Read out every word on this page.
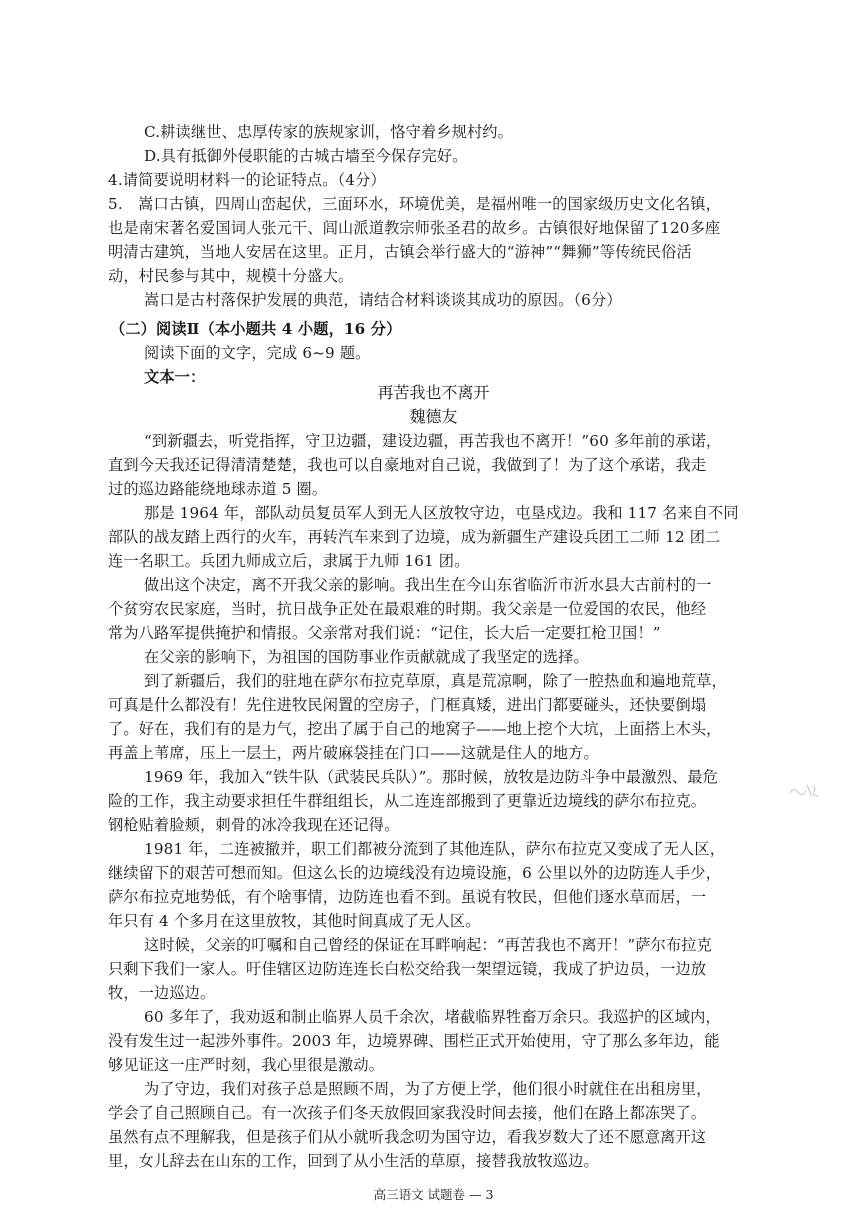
C.耕读继世、忠厚传家的族规家训，恪守着乡规村约。
D.具有抵御外侵职能的古城古墙至今保存完好。
4.请简要说明材料一的论证特点。（4分）
5.　嵩口古镇，四周山峦起伏，三面环水，环境优美，是福州唯一的国家级历史文化名镇，
也是南宋著名爱国词人张元干、闾山派道教宗师张圣君的故乡。古镇很好地保留了120多座
明清古建筑，当地人安居在这里。正月，古镇会举行盛大的“游神”“舞狮”等传统民俗活
动，村民参与其中，规模十分盛大。
嵩口是古村落保护发展的典范，请结合材料谈谈其成功的原因。（6分）
（二）阅读Ⅱ（本小题共 4 小题，16 分）
阅读下面的文字，完成 6~9 题。
文本一：
再苦我也不离开
魏德友
“到新疆去，听党指挥，守卫边疆，建设边疆，再苦我也不离开！”60 多年前的承诺，
直到今天我还记得清清楚楚，我也可以自豪地对自己说，我做到了！为了这个承诺，我走
过的巡边路能绕地球赤道 5 圈。
那是 1964 年，部队动员复员军人到无人区放牧守边，屯垦戍边。我和 117 名来自不同
部队的战友踏上西行的火车，再转汽车来到了边境，成为新疆生产建设兵团工二师 12 团二
连一名职工。兵团九师成立后，隶属于九师 161 团。
做出这个决定，离不开我父亲的影响。我出生在今山东省临沂市沂水县大古前村的一
个贫穷农民家庭，当时，抗日战争正处在最艰难的时期。我父亲是一位爱国的农民，他经
常为八路军提供掩护和情报。父亲常对我们说：“记住，长大后一定要扛枪卫国！”
在父亲的影响下，为祖国的国防事业作贡献就成了我坚定的选择。
到了新疆后，我们的驻地在萨尔布拉克草原，真是荒凉啊，除了一腔热血和遍地荒草，
可真是什么都没有！先住进牧民闲置的空房子，门框真矮，进出门都要碰头，还快要倒塌
了。好在，我们有的是力气，挖出了属于自己的地窝子——地上挖个大坑，上面搭上木头，
再盖上苇席，压上一层土，两片破麻袋挂在门口——这就是住人的地方。
1969 年，我加入“铁牛队（武装民兵队）”。那时候，放牧是边防斗争中最激烈、最危
险的工作，我主动要求担任牛群组组长，从二连连部搬到了更靠近边境线的萨尔布拉克。
钢枪贴着脸颊，刺骨的冰冷我现在还记得。
1981 年，二连被撤并，职工们都被分流到了其他连队，萨尔布拉克又变成了无人区，
继续留下的艰苦可想而知。但这么长的边境线没有边境设施，6 公里以外的边防连人手少，
萨尔布拉克地势低，有个啥事情，边防连也看不到。虽说有牧民，但他们逐水草而居，一
年只有 4 个多月在这里放牧，其他时间真成了无人区。
这时候，父亲的叮嘱和自己曾经的保证在耳畔响起：“再苦我也不离开！”萨尔布拉克
只剩下我们一家人。吁佳辖区边防连连长白松交给我一架望远镜，我成了护边员，一边放
牧，一边巡边。
60 多年了，我劝返和制止临界人员千余次，堵截临界牲畜万余只。我巡护的区域内，
没有发生过一起涉外事件。2003 年，边境界碑、围栏正式开始使用，守了那么多年边，能
够见证这一庄严时刻，我心里很是激动。
为了守边，我们对孩子总是照顾不周，为了方便上学，他们很小时就住在出租房里，
学会了自己照顾自己。有一次孩子们冬天放假回家我没时间去接，他们在路上都冻哭了。
虽然有点不理解我，但是孩子们从小就听我念叨为国守边，看我岁数大了还不愿意离开这
里，女儿辞去在山东的工作，回到了从小生活的草原，接替我放牧巡边。
高三语文 试题卷 — 3
